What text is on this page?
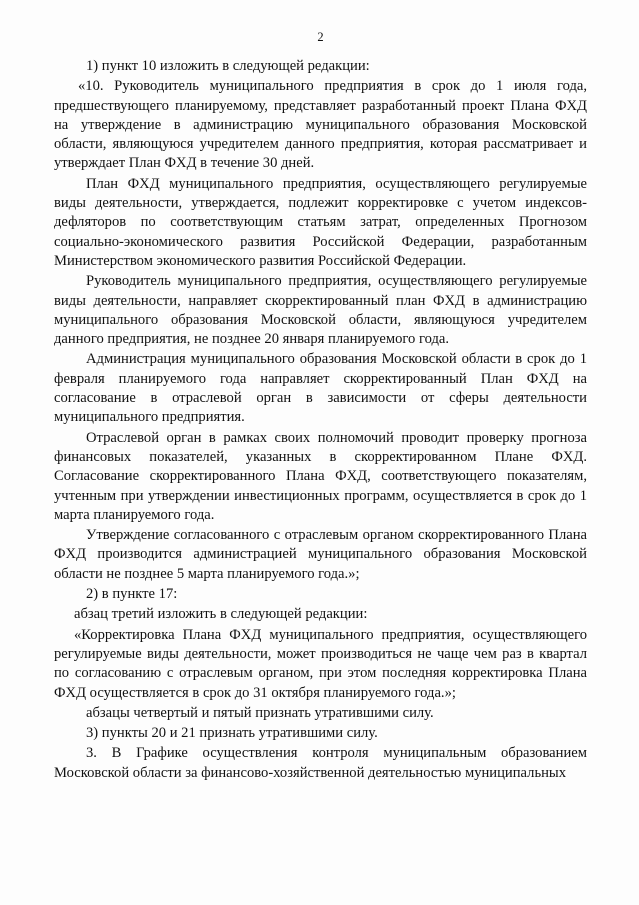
2

1) пункт 10 изложить в следующей редакции:

«10. Руководитель муниципального предприятия в срок до 1 июля года, предшествующего планируемому, представляет разработанный проект Плана ФХД на утверждение в администрацию муниципального образования Московской области, являющуюся учредителем данного предприятия, которая рассматривает и утверждает План ФХД в течение 30 дней.

План ФХД муниципального предприятия, осуществляющего регулируемые виды деятельности, утверждается, подлежит корректировке с учетом индексов-дефляторов по соответствующим статьям затрат, определенных Прогнозом социально-экономического развития Российской Федерации, разработанным Министерством экономического развития Российской Федерации.

Руководитель муниципального предприятия, осуществляющего регулируемые виды деятельности, направляет скорректированный план ФХД в администрацию муниципального образования Московской области, являющуюся учредителем данного предприятия, не позднее 20 января планируемого года.

Администрация муниципального образования Московской области в срок до 1 февраля планируемого года направляет скорректированный План ФХД на согласование в отраслевой орган в зависимости от сферы деятельности муниципального предприятия.

Отраслевой орган в рамках своих полномочий проводит проверку прогноза финансовых показателей, указанных в скорректированном Плане ФХД. Согласование скорректированного Плана ФХД, соответствующего показателям, учтенным при утверждении инвестиционных программ, осуществляется в срок до 1 марта планируемого года.

Утверждение согласованного с отраслевым органом скорректированного Плана ФХД производится администрацией муниципального образования Московской области не позднее 5 марта планируемого года.»;

2) в пункте 17:

абзац третий изложить в следующей редакции:

«Корректировка Плана ФХД муниципального предприятия, осуществляющего регулируемые виды деятельности, может производиться не чаще чем раз в квартал по согласованию с отраслевым органом, при этом последняя корректировка Плана ФХД осуществляется в срок до 31 октября планируемого года.»;

абзацы четвертый и пятый признать утратившими силу.

3) пункты 20 и 21 признать утратившими силу.

3. В Графике осуществления контроля муниципальным образованием Московской области за финансово-хозяйственной деятельностью муниципальных
